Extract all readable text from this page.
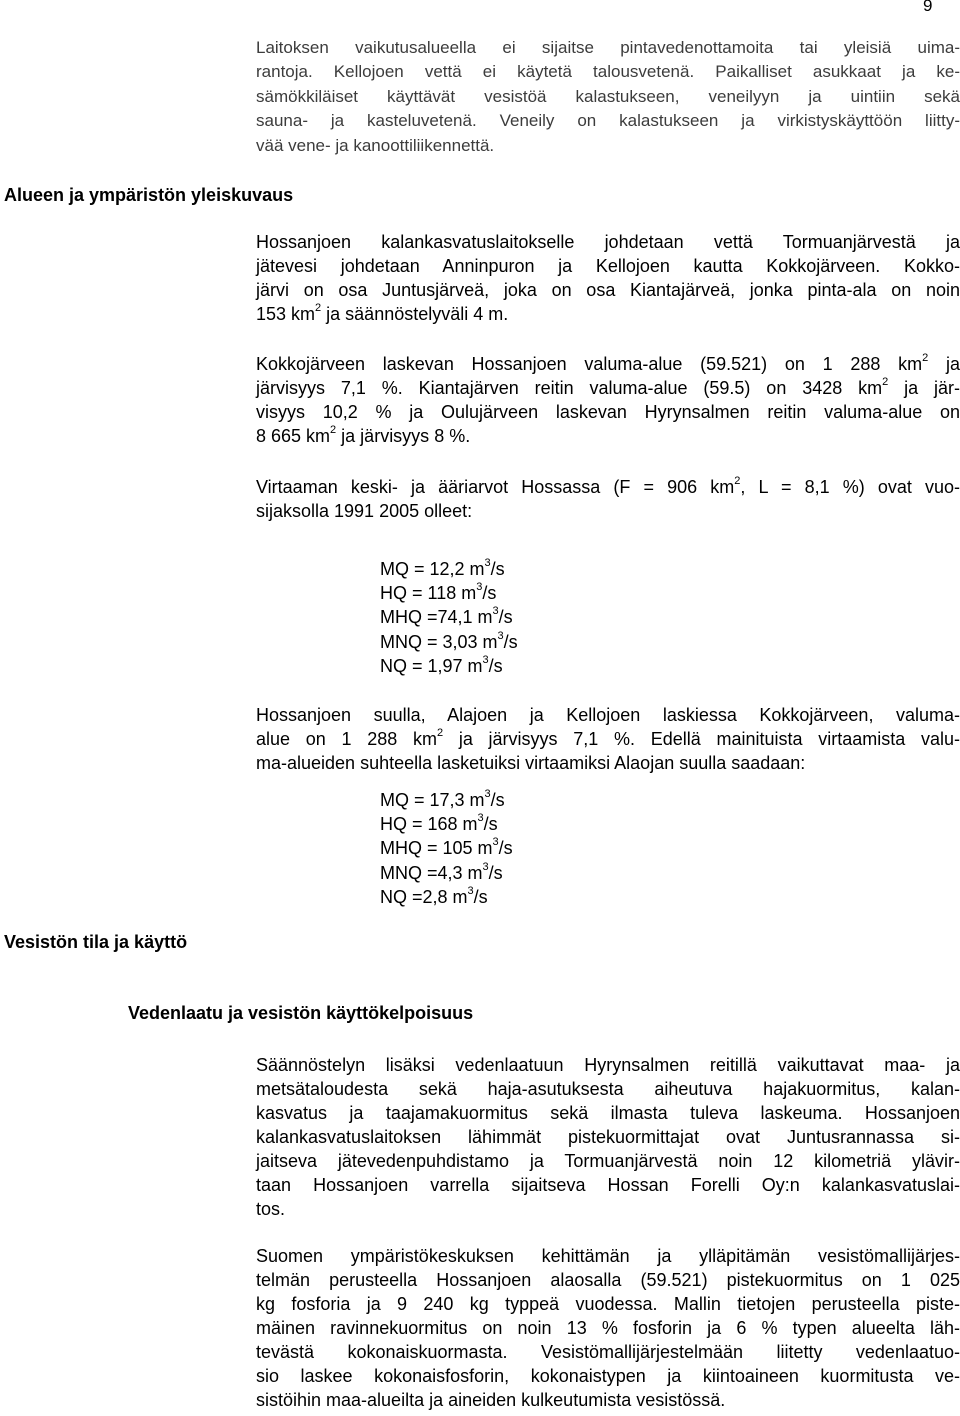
9
Laitoksen vaikutusalueella ei sijaitse pintavedenottamoita tai yleisiä uima-
rantoja. Kellojoen vettä ei käytetä talousvetenä. Paikalliset asukkaat ja ke-
sämökkiläiset käyttävät vesistöä kalastukseen, veneilyyn ja uintiin sekä
sauna- ja kasteluvetenä. Veneily on kalastukseen ja virkistyskäyttöön liitty-
vää vene- ja kanoottiliikennettä.
Alueen ja ympäristön yleiskuvaus
Hossanjoen kalankasvatuslaitokselle johdetaan vettä Tormuanjärvestä ja
jätevesi johdetaan Anninpuron ja Kellojoen kautta Kokkojärveen. Kokko-
järvi on osa Juntusjärveä, joka on osa Kiantajärveä, jonka pinta-ala on noin
153 $km^2$ ja säännöstelyväli 4 m.
Kokkojärveen laskevan Hossanjoen valuma-alue (59.521) on 1 288 $km^2$ ja
järvisyys 7,1 %. Kiantajärven reitin valuma-alue (59.5) on 3428 $km^2$ ja jär-
visyys 10,2 % ja Oulujärveen laskevan Hyrynsalmen reitin valuma-alue on
8 665 $km^2$ ja järvisyys 8 %.
Virtaaman keski- ja ääriarvot Hossassa (F = 906 $km^2$, L = 8,1 %) ovat vuo-
sijaksolla 1991 2005 olleet:
MQ = 12,2 $m^3/s$
HQ = 118 $m^3/s$
MHQ =74,1 $m^3/s$
MNQ = 3,03 $m^3/s$
NQ = 1,97 $m^3/s$
Hossanjoen suulla, Alajoen ja Kellojoen laskiessa Kokkojärveen, valuma-
alue on 1 288 $km^2$ ja järvisyys 7,1 %. Edellä mainituista virtaamista valu-
ma-alueiden suhteella lasketuiksi virtaamiksi Alaojan suulla saadaan:
MQ = 17,3 $m^3/s$
HQ = 168 $m^3/s$
MHQ = 105 $m^3/s$
MNQ =4,3 $m^3/s$
NQ =2,8 $m^3/s$
Vesistön tila ja käyttö
Vedenlaatu ja vesistön käyttökelpoisuus
Säännöstelyn lisäksi vedenlaatuun Hyrynsalmen reitillä vaikuttavat maa- ja
metsätaloudesta sekä haja-asutuksesta aiheutuva hajakuormitus, kalan-
kasvatus ja taajamakuormitus sekä ilmasta tuleva laskeuma. Hossanjoen
kalankasvatuslaitoksen lähimmät pistekuormittajat ovat Juntusrannassa si-
jaitseva jätevedenpuhdistamo ja Tormuanjärvestä noin 12 kilometriä ylävir-
taan Hossanjoen varrella sijaitseva Hossan Forelli Oy:n kalankasvatuslai-
tos.
Suomen ympäristökeskuksen kehittämän ja ylläpitämän vesistömallijärjes-
telmän perusteella Hossanjoen alaosalla (59.521) pistekuormitus on 1 025
kg fosforia ja 9 240 kg typpeä vuodessa. Mallin tietojen perusteella piste-
mäinen ravinnekuormitus on noin 13 % fosforin ja 6 % typen alueelta läh-
tevästä kokonaiskuormasta. Vesistömallijärjestelmään liitetty vedenlaatuo-
sio laskee kokonaisfosforin, kokonaistypen ja kiintoaineen kuormitusta ve-
sistöihin maa-alueilta ja aineiden kulkeutumista vesistössä.
